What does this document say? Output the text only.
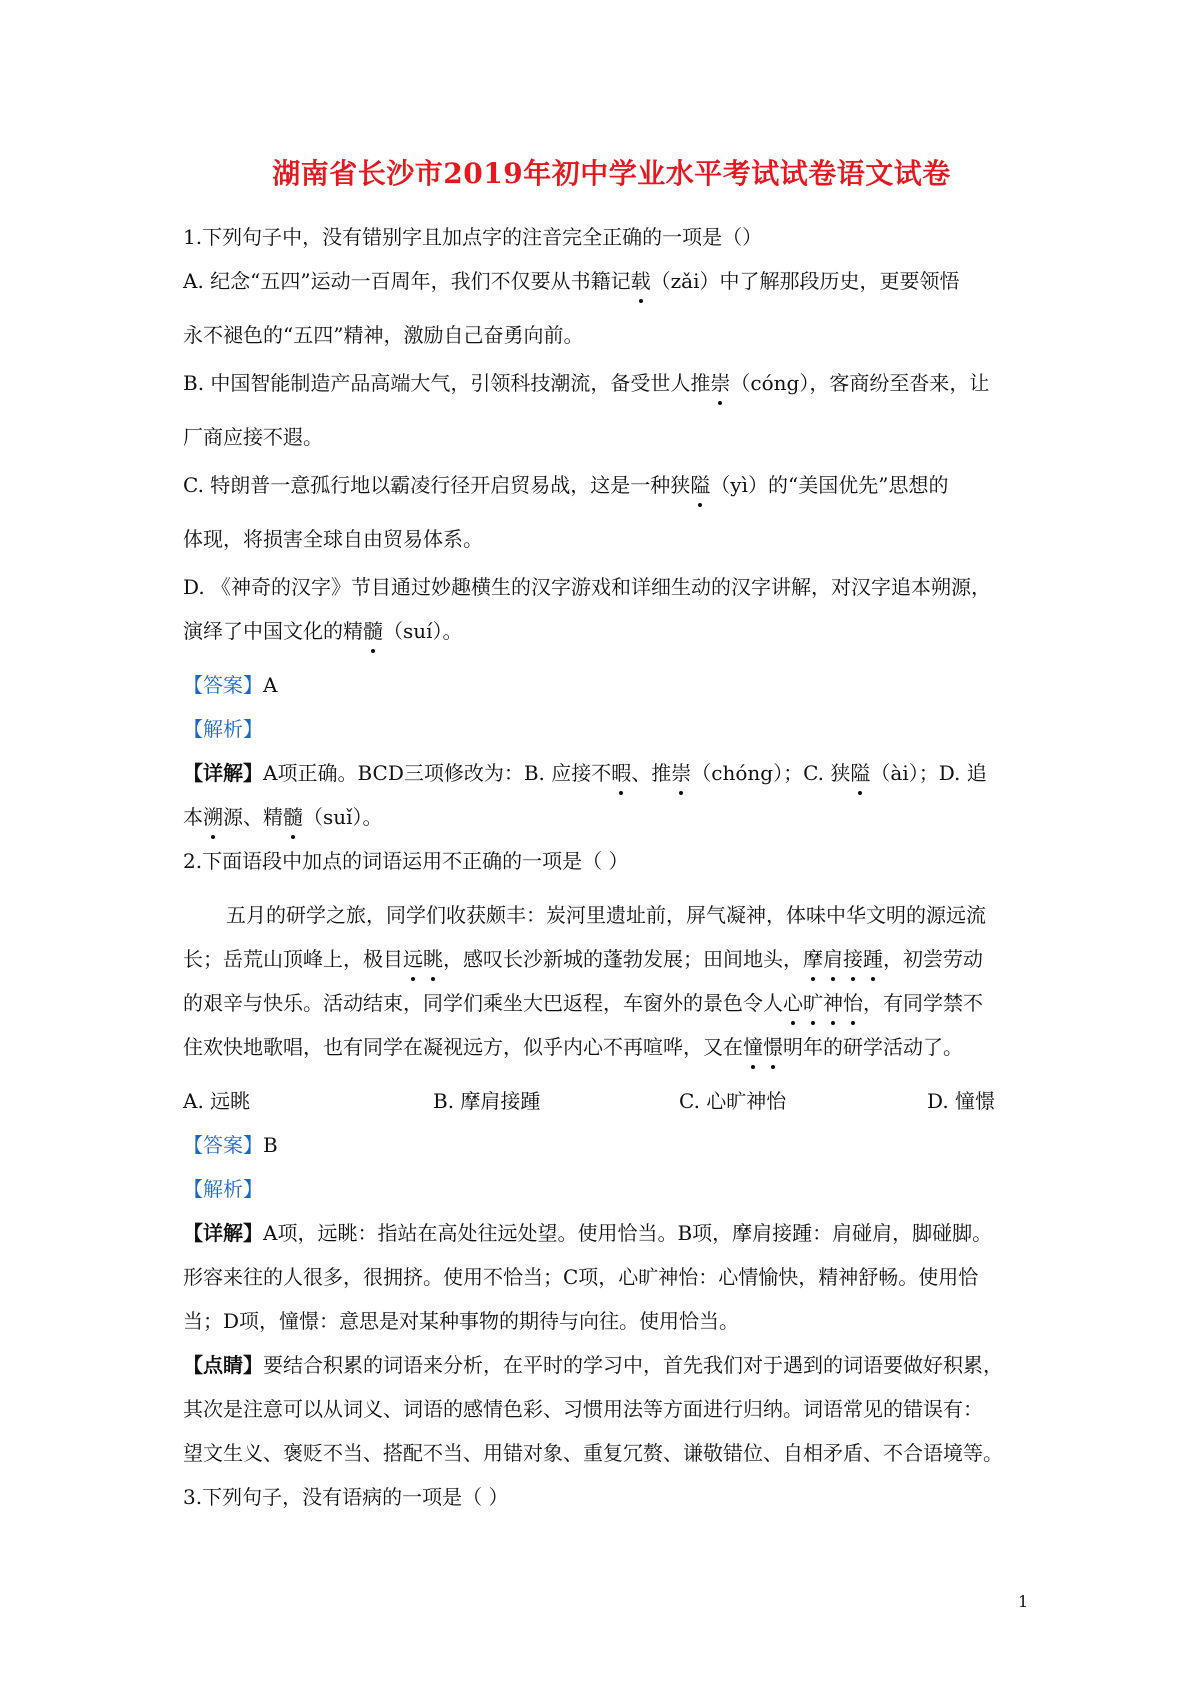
湖南省长沙市2019年初中学业水平考试试卷语文试卷

1.下列句子中，没有错别字且加点字的注音完全正确的一项是（）

A. 纪念“五四”运动一百周年，我们不仅要从书籍记载（zǎi）中了解那段历史，更要领悟

永不褪色的“五四”精神，激励自己奋勇向前。

B. 中国智能制造产品高端大气，引领科技潮流，备受世人推崇（cóng），客商纷至沓来，让

厂商应接不遐。

C. 特朗普一意孤行地以霸凌行径开启贸易战，这是一种狭隘（yì）的“美国优先”思想的

体现，将损害全球自由贸易体系。

D. 《神奇的汉字》节目通过妙趣横生的汉字游戏和详细生动的汉字讲解，对汉字追本朔源，

演绎了中国文化的精髓（suí）。

【答案】A

【解析】

【详解】A项正确。BCD三项修改为：B. 应接不暇、推崇（chóng）；C. 狭隘（ài）；D. 追

本溯源、精髓（suǐ）。

2.下面语段中加点的词语运用不正确的一项是（ ）

五月的研学之旅，同学们收获颇丰：炭河里遗址前，屏气凝神，体味中华文明的源远流

长；岳荒山顶峰上，极目远眺，感叹长沙新城的蓬勃发展；田间地头，摩肩接踵，初尝劳动

的艰辛与快乐。活动结束，同学们乘坐大巴返程，车窗外的景色令人心旷神怡，有同学禁不

住欢快地歌唱，也有同学在凝视远方，似乎内心不再喧哗，又在憧憬明年的研学活动了。

A. 远眺	B. 摩肩接踵	C. 心旷神怡	D. 憧憬

【答案】B

【解析】

【详解】A项，远眺：指站在高处往远处望。使用恰当。B项，摩肩接踵：肩碰肩，脚碰脚。

形容来往的人很多，很拥挤。使用不恰当；C项，心旷神怡：心情愉快，精神舒畅。使用恰

当；D项，憧憬：意思是对某种事物的期待与向往。使用恰当。

【点睛】要结合积累的词语来分析，在平时的学习中，首先我们对于遇到的词语要做好积累，

其次是注意可以从词义、词语的感情色彩、习惯用法等方面进行归纳。词语常见的错误有：

望文生义、褒贬不当、搭配不当、用错对象、重复冗赘、谦敬错位、自相矛盾、不合语境等。

3.下列句子，没有语病的一项是（ ）

1
